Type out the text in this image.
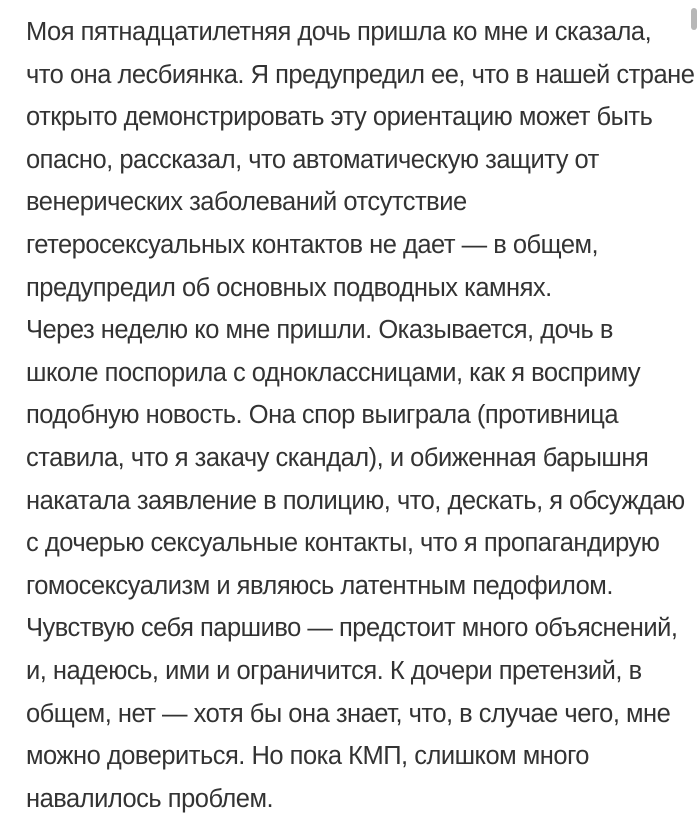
Моя пятнадцатилетняя дочь пришла ко мне и сказала,
что она лесбиянка. Я предупредил ее, что в нашей стране
открыто демонстрировать эту ориентацию может быть
опасно, рассказал, что автоматическую защиту от
венерических заболеваний отсутствие
гетеросексуальных контактов не дает — в общем,
предупредил об основных подводных камнях.
Через неделю ко мне пришли. Оказывается, дочь в
школе поспорила с одноклассницами, как я восприму
подобную новость. Она спор выиграла (противница
ставила, что я закачу скандал), и обиженная барышня
накатала заявление в полицию, что, дескать, я обсуждаю
с дочерью сексуальные контакты, что я пропагандирую
гомосексуализм и являюсь латентным педофилом.
Чувствую себя паршиво — предстоит много объяснений,
и, надеюсь, ими и ограничится. К дочери претензий, в
общем, нет — хотя бы она знает, что, в случае чего, мне
можно довериться. Но пока КМП, слишком много
навалилось проблем.
